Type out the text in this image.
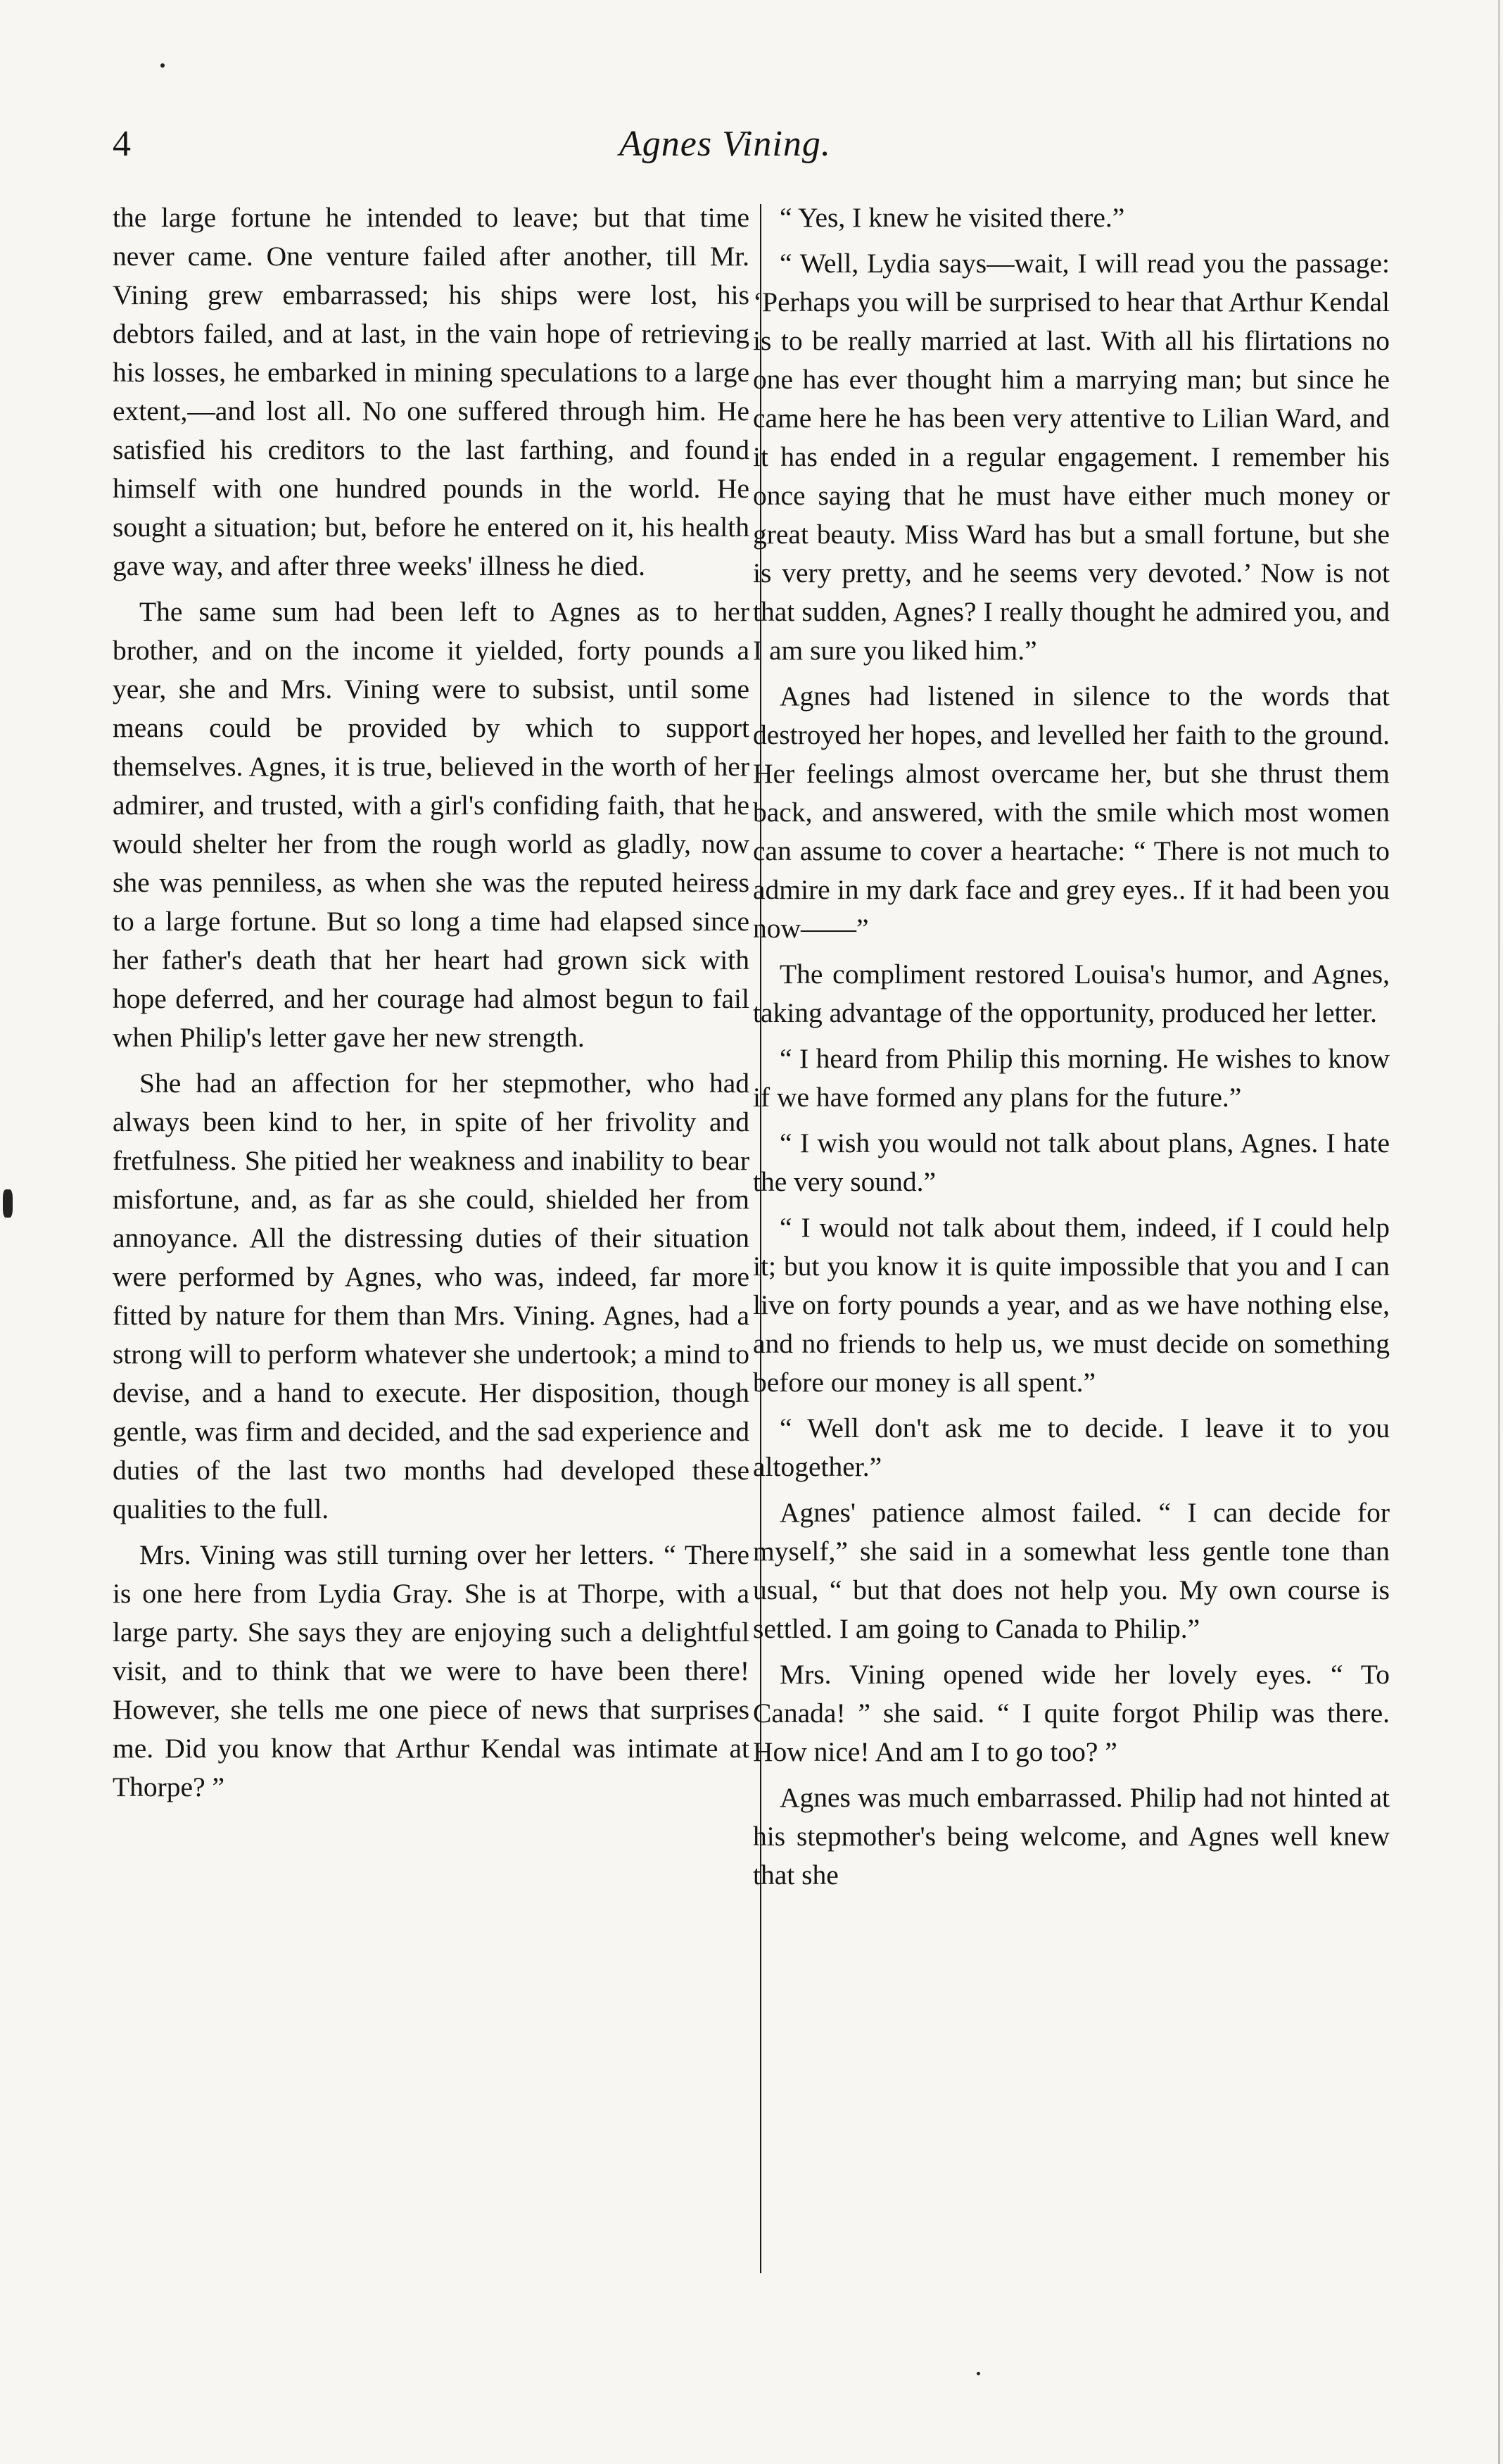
4	Agnes Vining.

the large fortune he intended to leave; but that time never came. One venture failed after another, till Mr. Vining grew embarrassed; his ships were lost, his debtors failed, and at last, in the vain hope of retrieving his losses, he embarked in mining speculations to a large extent,—and lost all. No one suffered through him. He satisfied his creditors to the last farthing, and found himself with one hundred pounds in the world. He sought a situation; but, before he entered on it, his health gave way, and after three weeks' illness he died.

The same sum had been left to Agnes as to her brother, and on the income it yielded, forty pounds a year, she and Mrs. Vining were to subsist, until some means could be provided by which to support themselves. Agnes, it is true, believed in the worth of her admirer, and trusted, with a girl's confiding faith, that he would shelter her from the rough world as gladly, now she was penniless, as when she was the reputed heiress to a large fortune. But so long a time had elapsed since her father's death that her heart had grown sick with hope deferred, and her courage had almost begun to fail when Philip's letter gave her new strength.

She had an affection for her stepmother, who had always been kind to her, in spite of her frivolity and fretfulness. She pitied her weakness and inability to bear misfortune, and, as far as she could, shielded her from annoyance. All the distressing duties of their situation were performed by Agnes, who was, indeed, far more fitted by nature for them than Mrs. Vining. Agnes, had a strong will to perform whatever she undertook; a mind to devise, and a hand to execute. Her disposition, though gentle, was firm and decided, and the sad experience and duties of the last two months had developed these qualities to the full.

Mrs. Vining was still turning over her letters. “ There is one here from Lydia Gray. She is at Thorpe, with a large party. She says they are enjoying such a delightful visit, and to think that we were to have been there! However, she tells me one piece of news that surprises me. Did you know that Arthur Kendal was intimate at Thorpe? ”

“ Yes, I knew he visited there.”

“ Well, Lydia says—wait, I will read you the passage: ‘Perhaps you will be surprised to hear that Arthur Kendal is to be really married at last. With all his flirtations no one has ever thought him a marrying man; but since he came here he has been very attentive to Lilian Ward, and it has ended in a regular engagement. I remember his once saying that he must have either much money or great beauty. Miss Ward has but a small fortune, but she is very pretty, and he seems very devoted.’ Now is not that sudden, Agnes? I really thought he admired you, and I am sure you liked him.”

Agnes had listened in silence to the words that destroyed her hopes, and levelled her faith to the ground. Her feelings almost overcame her, but she thrust them back, and answered, with the smile which most women can assume to cover a heartache: “ There is not much to admire in my dark face and grey eyes.. If it had been you now——”

The compliment restored Louisa's humor, and Agnes, taking advantage of the opportunity, produced her letter.

“ I heard from Philip this morning. He wishes to know if we have formed any plans for the future.”

“ I wish you would not talk about plans, Agnes. I hate the very sound.”

“ I would not talk about them, indeed, if I could help it; but you know it is quite impossible that you and I can live on forty pounds a year, and as we have nothing else, and no friends to help us, we must decide on something before our money is all spent.”

“ Well don't ask me to decide. I leave it to you altogether.”

Agnes' patience almost failed. “ I can decide for myself,” she said in a somewhat less gentle tone than usual, “ but that does not help you. My own course is settled. I am going to Canada to Philip.”

Mrs. Vining opened wide her lovely eyes. “ To Canada! ” she said. “ I quite forgot Philip was there. How nice! And am I to go too? ”

Agnes was much embarrassed. Philip had not hinted at his stepmother's being welcome, and Agnes well knew that she
